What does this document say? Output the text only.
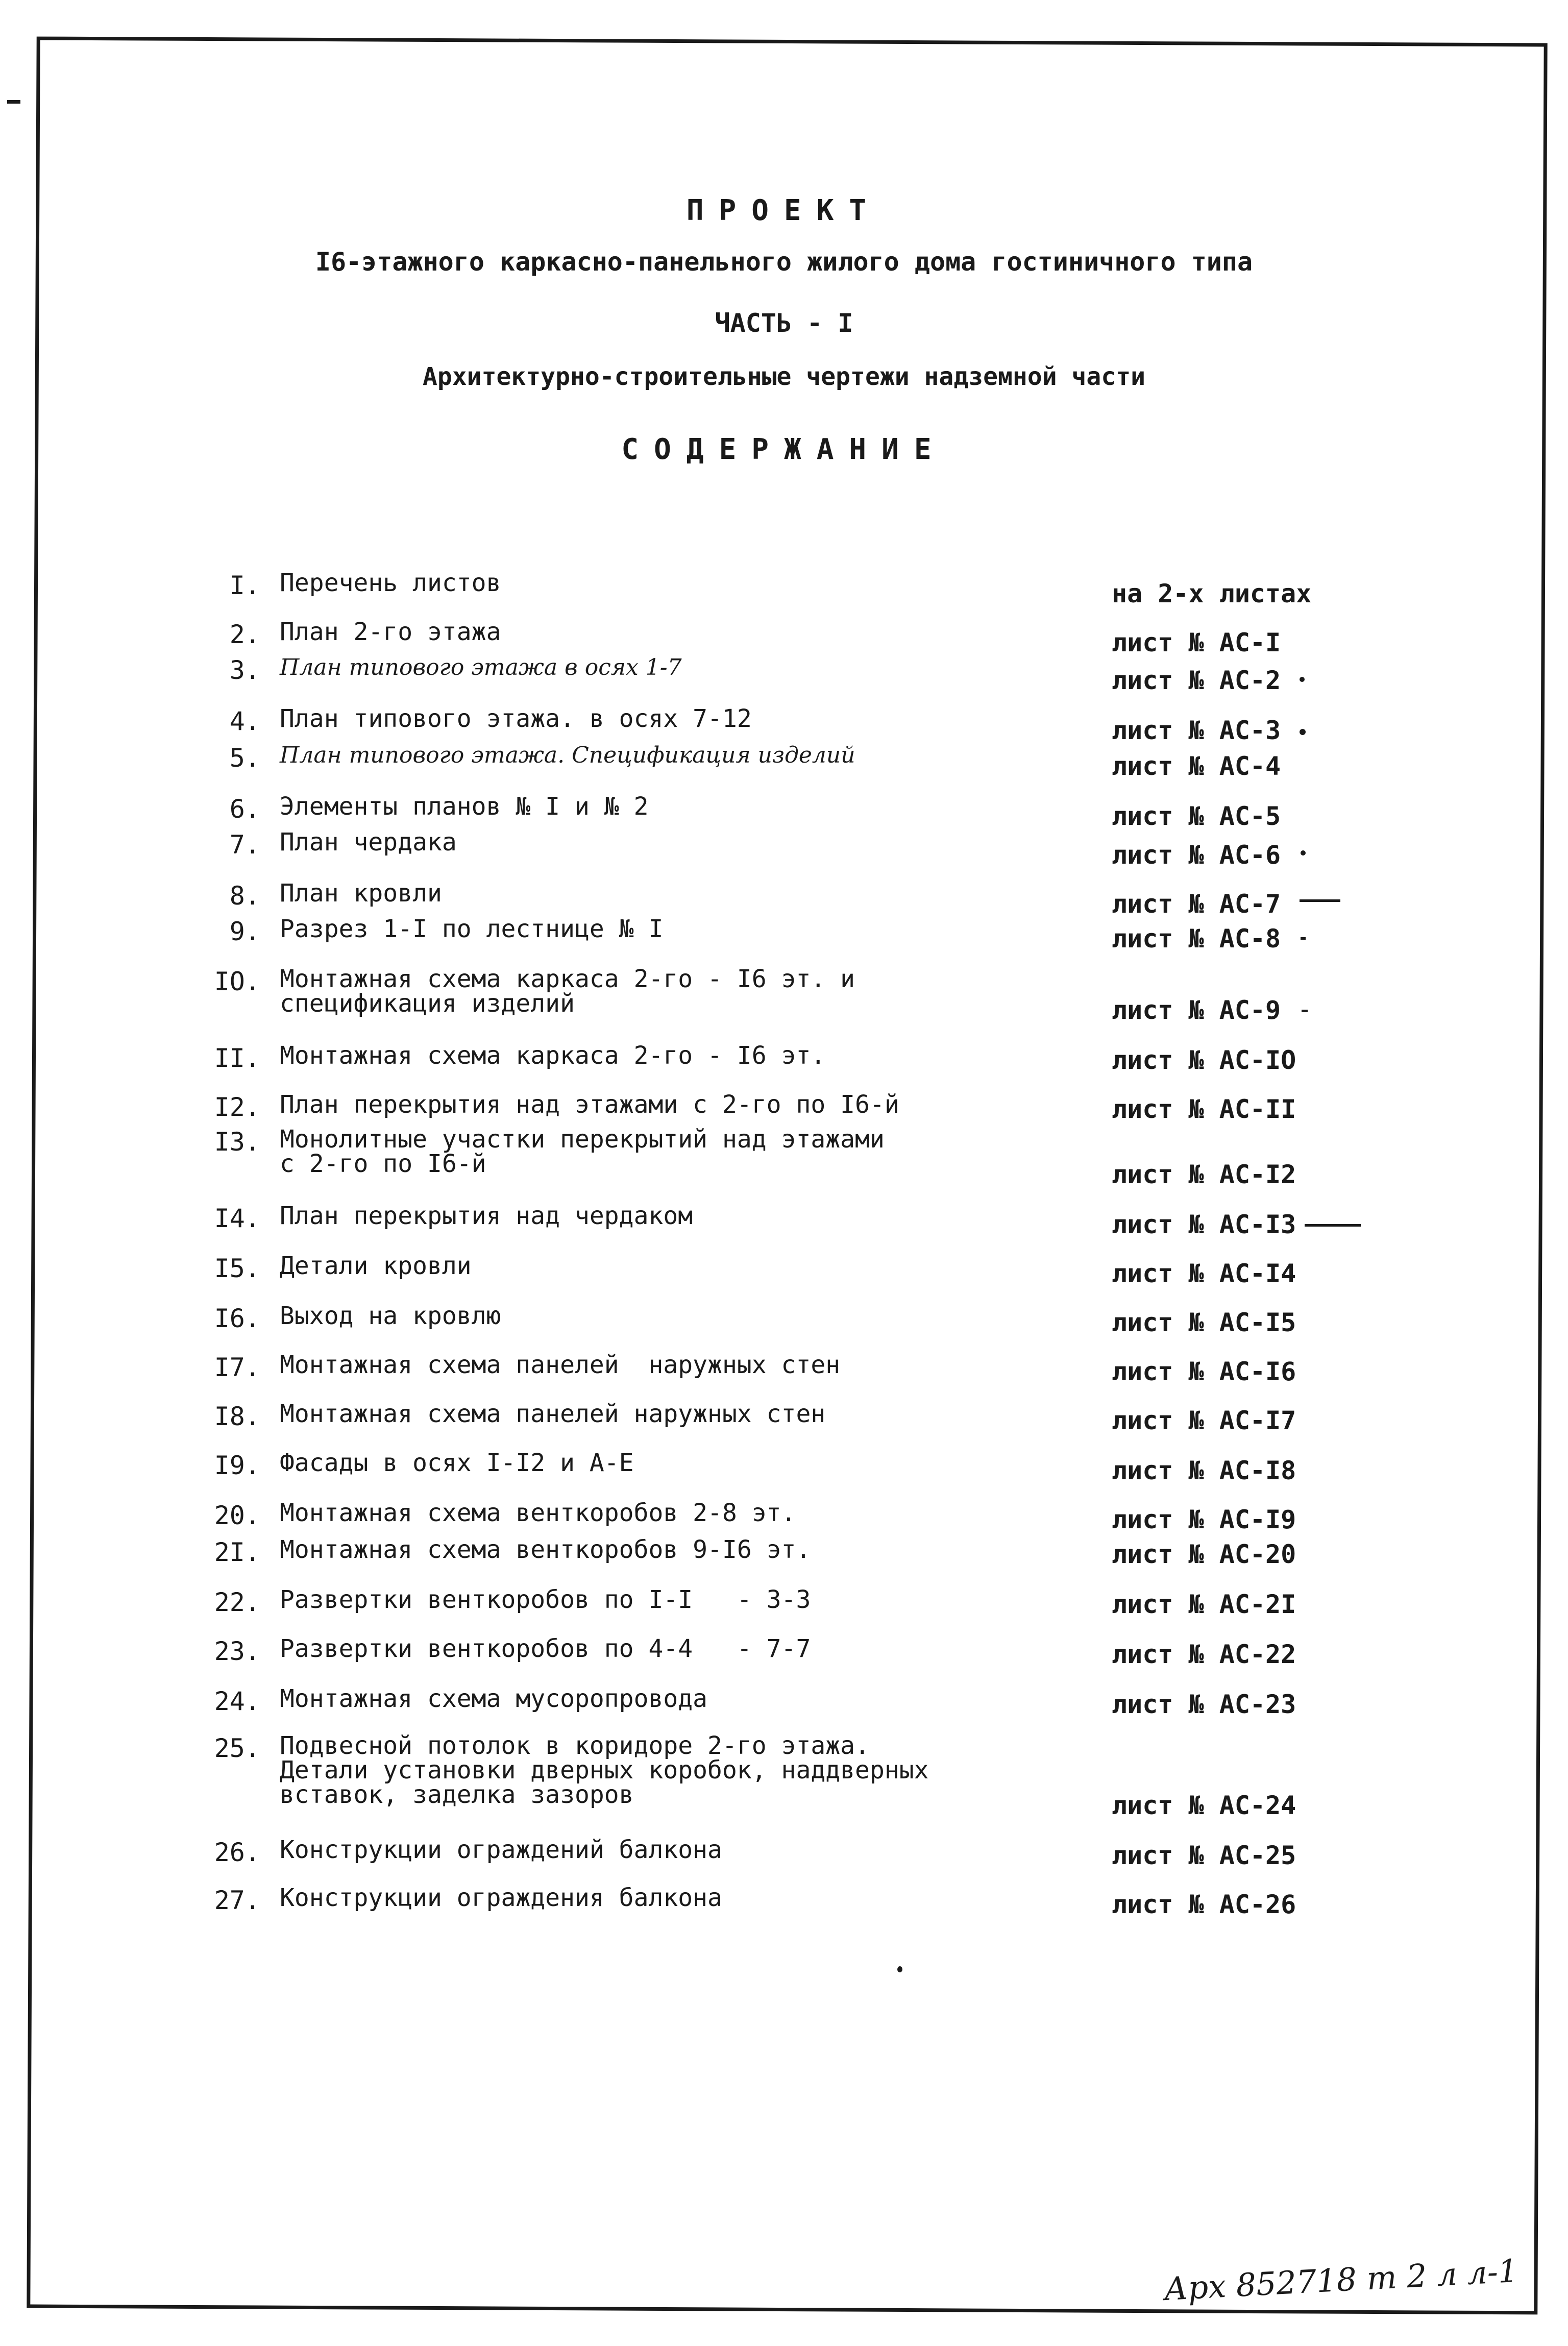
ПРОЕКТ
I6-этажного каркасно-панельного жилого дома гостиничного типа
ЧАСТЬ - I
Архитектурно-строительные чертежи надземной части
СОДЕРЖАНИЕ
I. Перечень листов	на 2-х листах
2. План 2-го этажа	лист № АС-I
3. План типового этажа в осях 1-7	лист № АС-2
4. План типового этажа. в осях 7-12	лист № АС-3
5. План типового этажа. Спецификация изделий	лист № АС-4
6. Элементы планов № I и № 2	лист № АС-5
7. План чердака	лист № АС-6
8. План кровли	лист № АС-7
9. Разрез 1-I по лестнице № I	лист № АС-8
IO. Монтажная схема каркаса 2-го - I6 эт. и
спецификация изделий	лист № АС-9
II. Монтажная схема каркаса 2-го - I6 эт.	лист № АС-IO
I2. План перекрытия над этажами с 2-го по I6-й	лист № АС-II
I3. Монолитные участки перекрытий над этажами
с 2-го по I6-й	лист № АС-I2
I4. План перекрытия над чердаком	лист № АС-I3
I5. Детали кровли	лист № АС-I4
I6. Выход на кровлю	лист № АС-I5
I7. Монтажная схема панелей  наружных стен	лист № АС-I6
I8. Монтажная схема панелей наружных стен	лист № АС-I7
I9. Фасады в осях I-I2 и А-Е	лист № АС-I8
20. Монтажная схема венткоробов 2-8 эт.	лист № АС-I9
2I. Монтажная схема венткоробов 9-I6 эт.	лист № АС-20
22. Развертки венткоробов по I-I   - 3-3	лист № АС-2I
23. Развертки венткоробов по 4-4   - 7-7	лист № АС-22
24. Монтажная схема мусоропровода	лист № АС-23
25. Подвесной потолок в коридоре 2-го этажа.
Детали установки дверных коробок, наддверных
вставок, заделка зазоров	лист № АС-24
26. Конструкции ограждений балкона	лист № АС-25
27. Конструкции ограждения балкона	лист № АС-26
Арх 852718 т 2 л л-1
